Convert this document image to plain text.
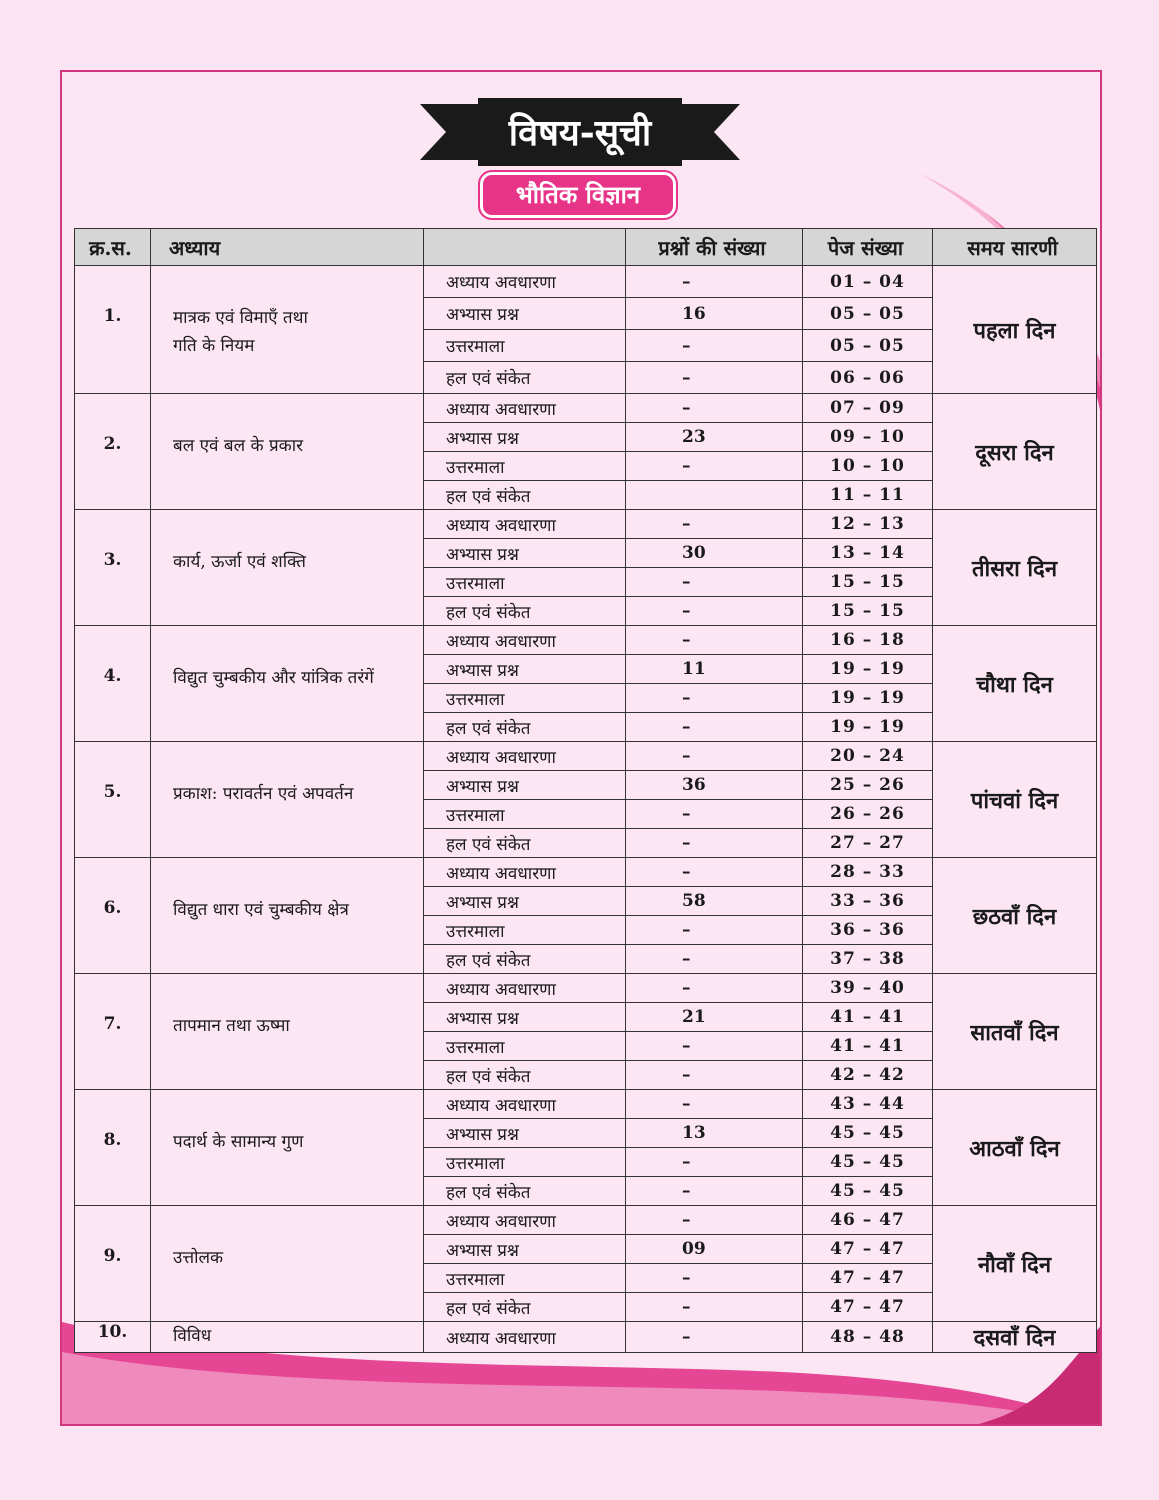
विषय-सूची
भौतिक विज्ञान
क्र.स.	अध्याय		प्रश्नों की संख्या	पेज संख्या	समय सारणी
1.	मात्रक एवं विमाएँ तथा
गति के नियम	अध्याय अवधारणा	–	01 – 04	पहला दिन
		अभ्यास प्रश्न	16	05 – 05	
		उत्तरमाला	–	05 – 05	
		हल एवं संकेत	–	06 – 06	
2.	बल एवं बल के प्रकार	अध्याय अवधारणा	–	07 – 09	दूसरा दिन
		अभ्यास प्रश्न	23	09 – 10	
		उत्तरमाला	–	10 – 10	
		हल एवं संकेत		11 – 11	
3.	कार्य, ऊर्जा एवं शक्ति	अध्याय अवधारणा	–	12 – 13	तीसरा दिन
		अभ्यास प्रश्न	30	13 – 14	
		उत्तरमाला	–	15 – 15	
		हल एवं संकेत	–	15 – 15	
4.	विद्युत चुम्बकीय और यांत्रिक तरंगें	अध्याय अवधारणा	–	16 – 18	चौथा दिन
		अभ्यास प्रश्न	11	19 – 19	
		उत्तरमाला	–	19 – 19	
		हल एवं संकेत	–	19 – 19	
5.	प्रकाश: परावर्तन एवं अपवर्तन	अध्याय अवधारणा	–	20 – 24	पांचवां दिन
		अभ्यास प्रश्न	36	25 – 26	
		उत्तरमाला	–	26 – 26	
		हल एवं संकेत	–	27 – 27	
6.	विद्युत धारा एवं चुम्बकीय क्षेत्र	अध्याय अवधारणा	–	28 – 33	छठवाँ दिन
		अभ्यास प्रश्न	58	33 – 36	
		उत्तरमाला	–	36 – 36	
		हल एवं संकेत	–	37 – 38	
7.	तापमान तथा ऊष्मा	अध्याय अवधारणा	–	39 – 40	सातवाँ दिन
		अभ्यास प्रश्न	21	41 – 41	
		उत्तरमाला	–	41 – 41	
		हल एवं संकेत	–	42 – 42	
8.	पदार्थ के सामान्य गुण	अध्याय अवधारणा	–	43 – 44	आठवाँ दिन
		अभ्यास प्रश्न	13	45 – 45	
		उत्तरमाला	–	45 – 45	
		हल एवं संकेत	–	45 – 45	
9.	उत्तोलक	अध्याय अवधारणा	–	46 – 47	नौवाँ दिन
		अभ्यास प्रश्न	09	47 – 47	
		उत्तरमाला	–	47 – 47	
		हल एवं संकेत	–	47 – 47	
10.	विविध	अध्याय अवधारणा	–	48 – 48	दसवाँ दिन
